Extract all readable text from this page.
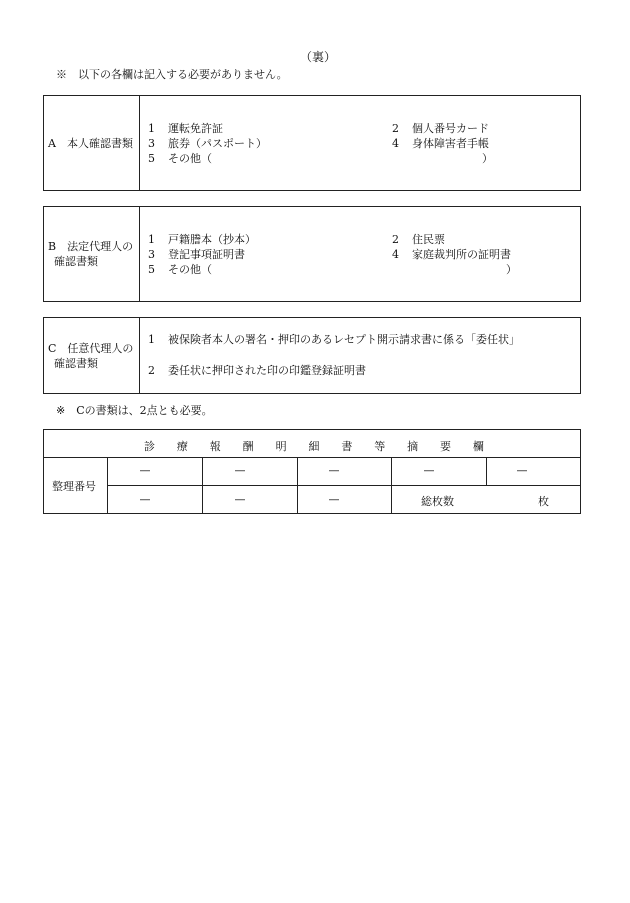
（裏）
※　以下の各欄は記入する必要がありません。
A　本人確認書類
1 運転免許証	2 個人番号カード
3 旅券（パスポート）	4 身体障害者手帳
5 その他（	）
B　法定代理人の
確認書類
1 戸籍謄本（抄本）	2 住民票
3 登記事項証明書	4 家庭裁判所の証明書
5 その他（	）
C　任意代理人の
確認書類
1 被保険者本人の署名・押印のあるレセプト開示請求書に係る「委任状」
2 委任状に押印された印の印鑑登録証明書
※　Cの書類は、2点とも必要。
診 療 報 酬 明 細 書 等 摘 要 欄
整理番号
—	—	—	—	—
—	—	—	総枚数	枚
